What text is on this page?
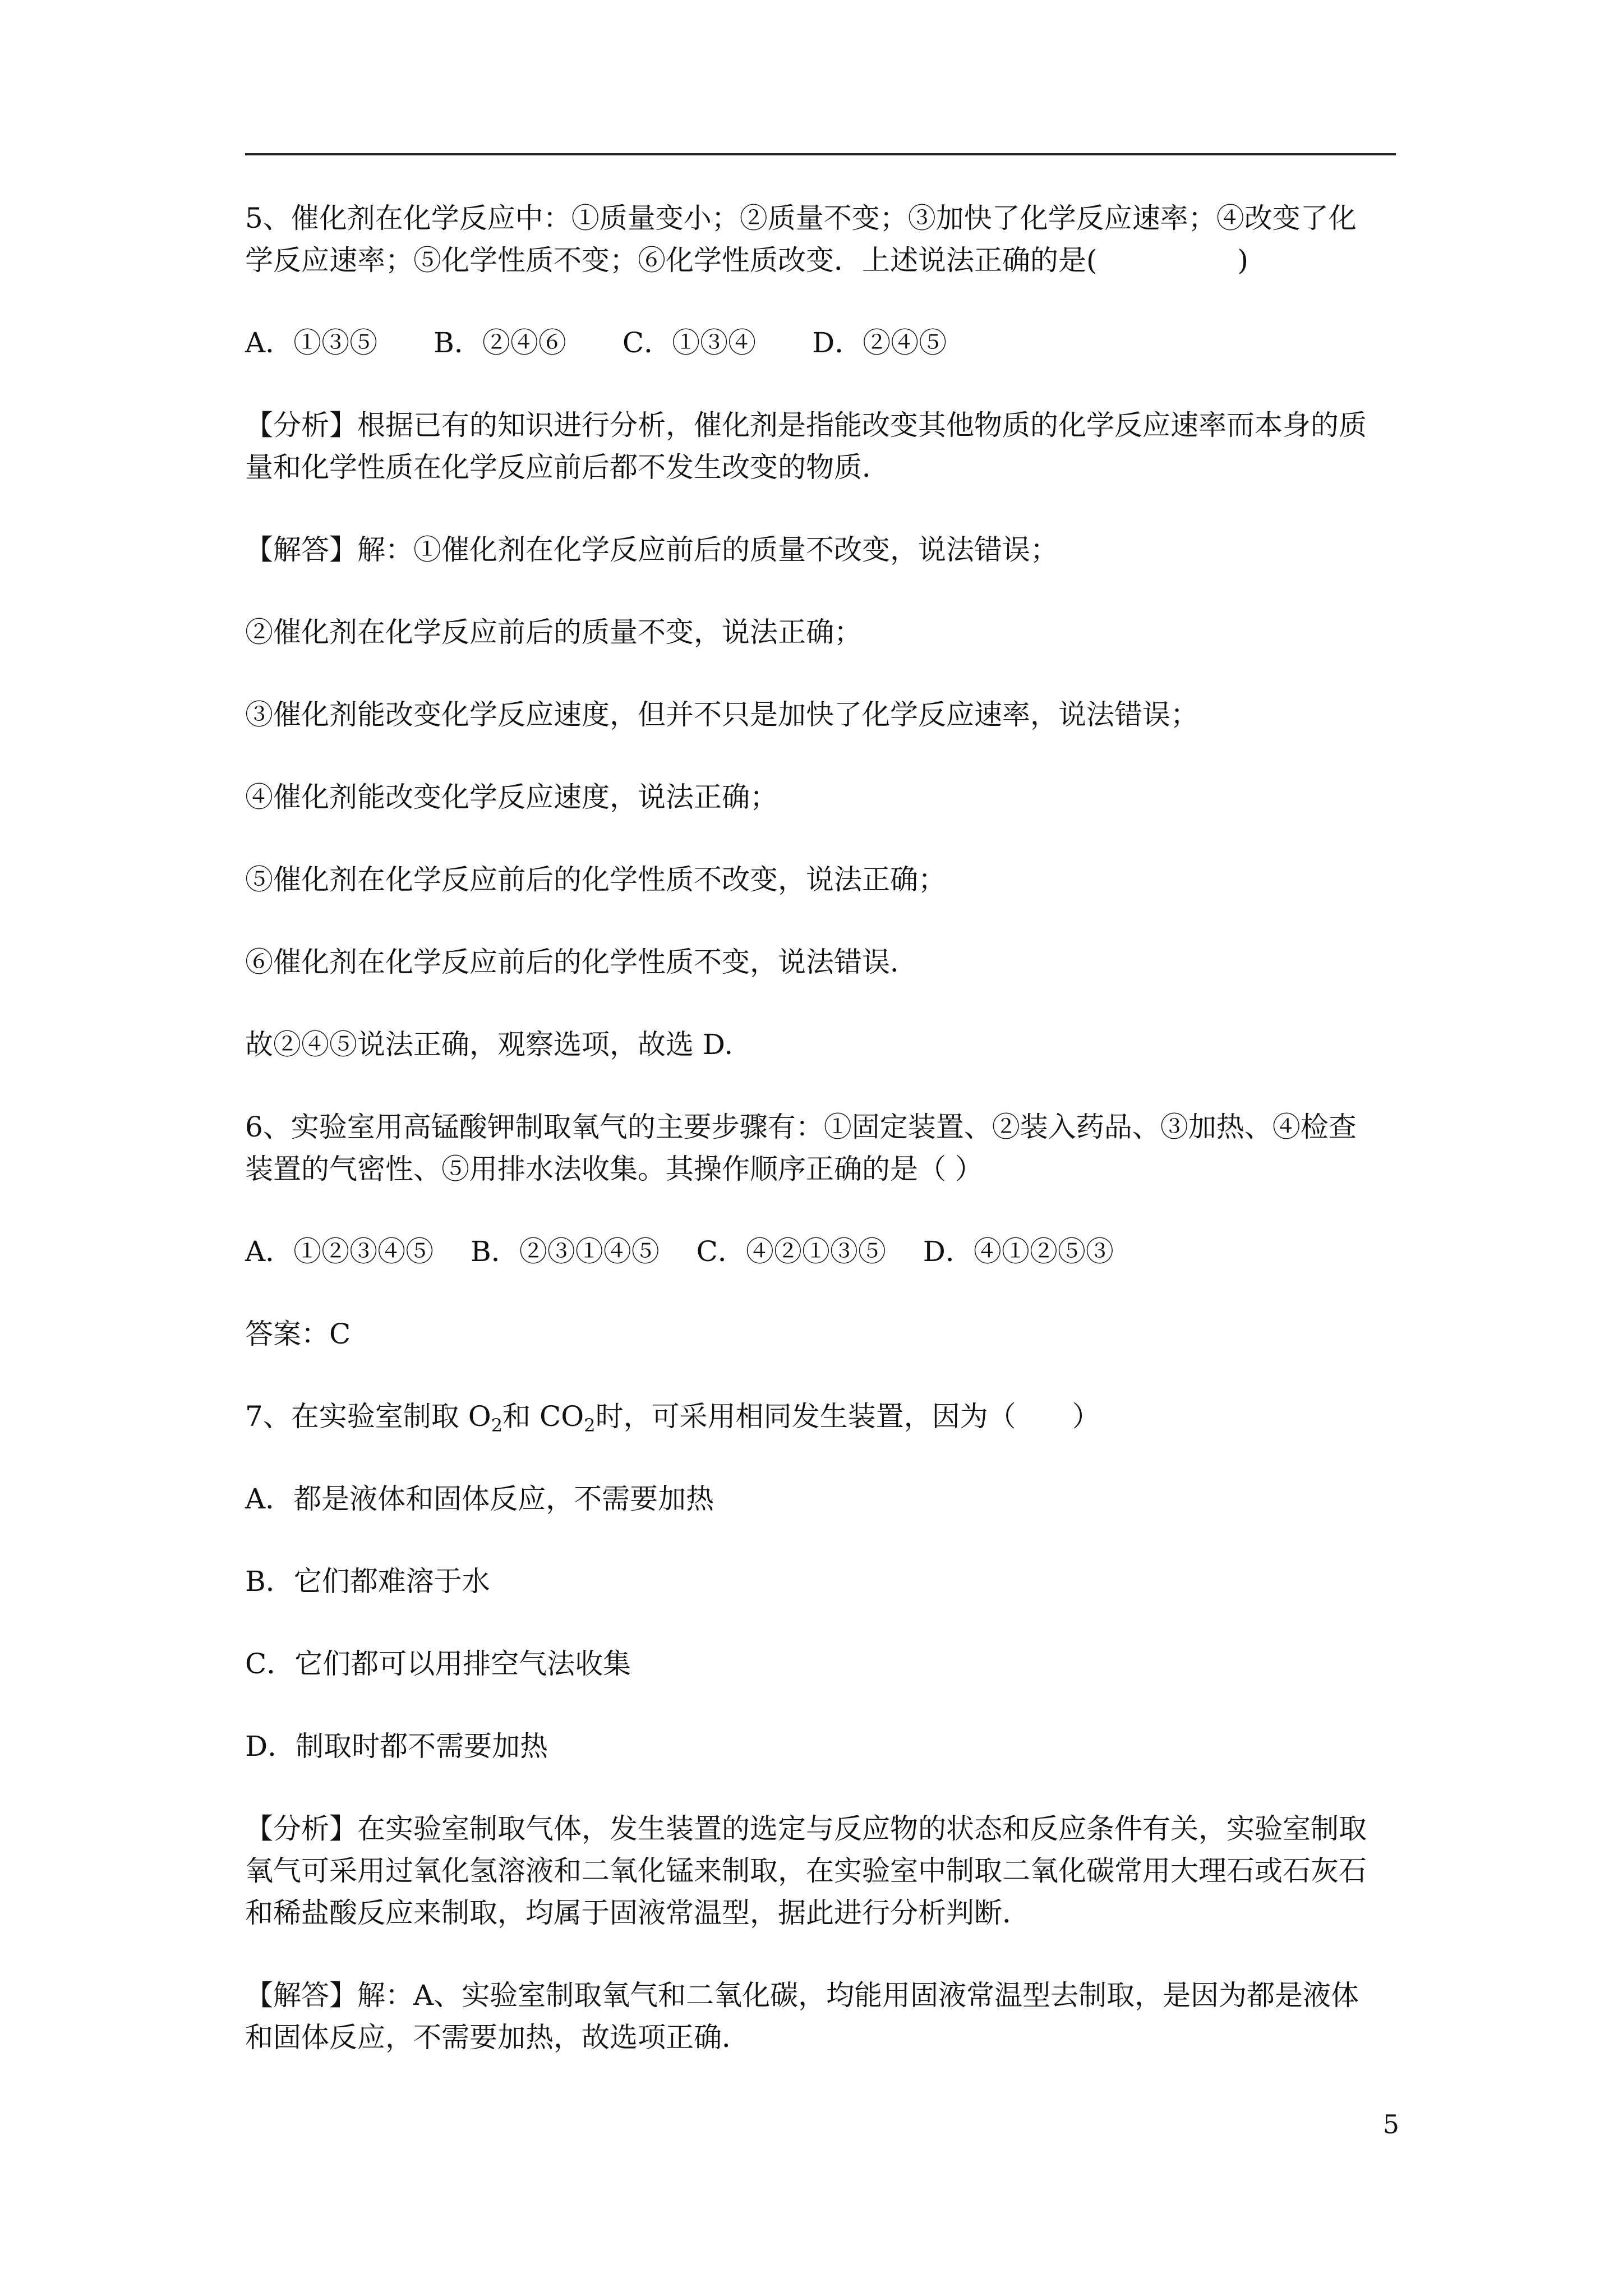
5、催化剂在化学反应中：①质量变小；②质量不变；③加快了化学反应速率；④改变了化
学反应速率；⑤化学性质不变；⑥化学性质改变．上述说法正确的是(　　　　　)

A．①③⑤　　B．②④⑥　　C．①③④　　D．②④⑤

【分析】根据已有的知识进行分析，催化剂是指能改变其他物质的化学反应速率而本身的质
量和化学性质在化学反应前后都不发生改变的物质．

【解答】解：①催化剂在化学反应前后的质量不改变，说法错误；

②催化剂在化学反应前后的质量不变，说法正确；

③催化剂能改变化学反应速度，但并不只是加快了化学反应速率，说法错误；

④催化剂能改变化学反应速度，说法正确；

⑤催化剂在化学反应前后的化学性质不改变，说法正确；

⑥催化剂在化学反应前后的化学性质不变，说法错误．

故②④⑤说法正确，观察选项，故选 D.

6、实验室用高锰酸钾制取氧气的主要步骤有：①固定装置、②装入药品、③加热、④检查
装置的气密性、⑤用排水法收集。其操作顺序正确的是（ ）

A．①②③④⑤　 B．②③①④⑤　 C．④②①③⑤　 D．④①②⑤③

答案：C

7、在实验室制取 $O_2$和 $CO_2$时，可采用相同发生装置，因为（　　）

A．都是液体和固体反应，不需要加热

B．它们都难溶于水

C．它们都可以用排空气法收集

D．制取时都不需要加热

【分析】在实验室制取气体，发生装置的选定与反应物的状态和反应条件有关，实验室制取
氧气可采用过氧化氢溶液和二氧化锰来制取，在实验室中制取二氧化碳常用大理石或石灰石
和稀盐酸反应来制取，均属于固液常温型，据此进行分析判断．

【解答】解：A、实验室制取氧气和二氧化碳，均能用固液常温型去制取，是因为都是液体
和固体反应，不需要加热，故选项正确．

5
